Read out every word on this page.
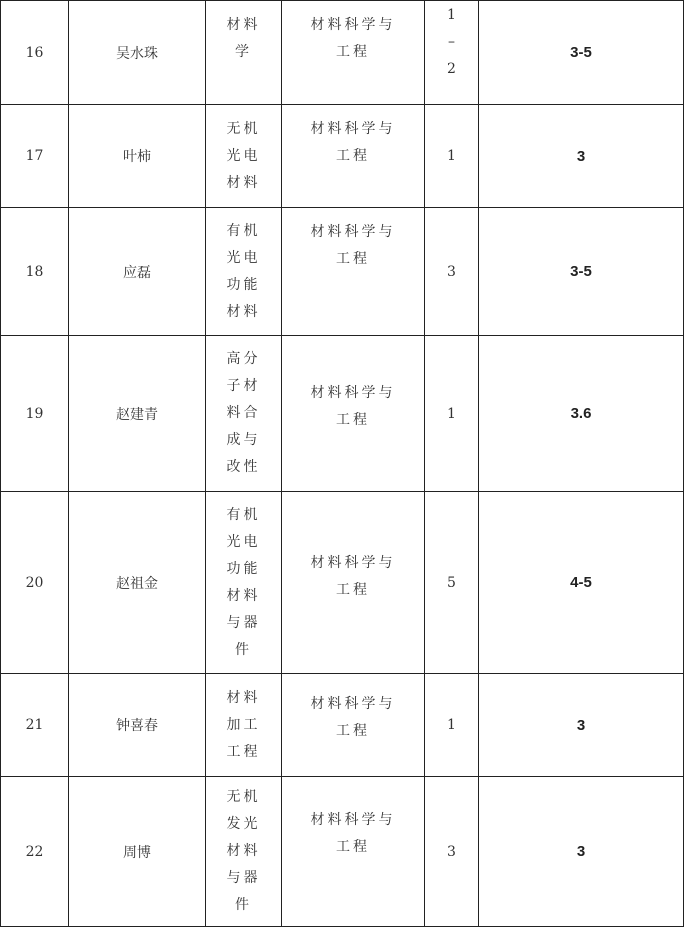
16	吴水珠	材料学	材料科学与工程	1–2	3-5
17	叶柿	无机光电材料	材料科学与工程	1	3
18	应磊	有机光电功能材料	材料科学与工程	3	3-5
19	赵建青	高分子材料合成与改性	材料科学与工程	1	3.6
20	赵祖金	有机光电功能材料与器件	材料科学与工程	5	4-5
21	钟喜春	材料加工工程	材料科学与工程	1	3
22	周博	无机发光材料与器件	材料科学与工程	3	3
